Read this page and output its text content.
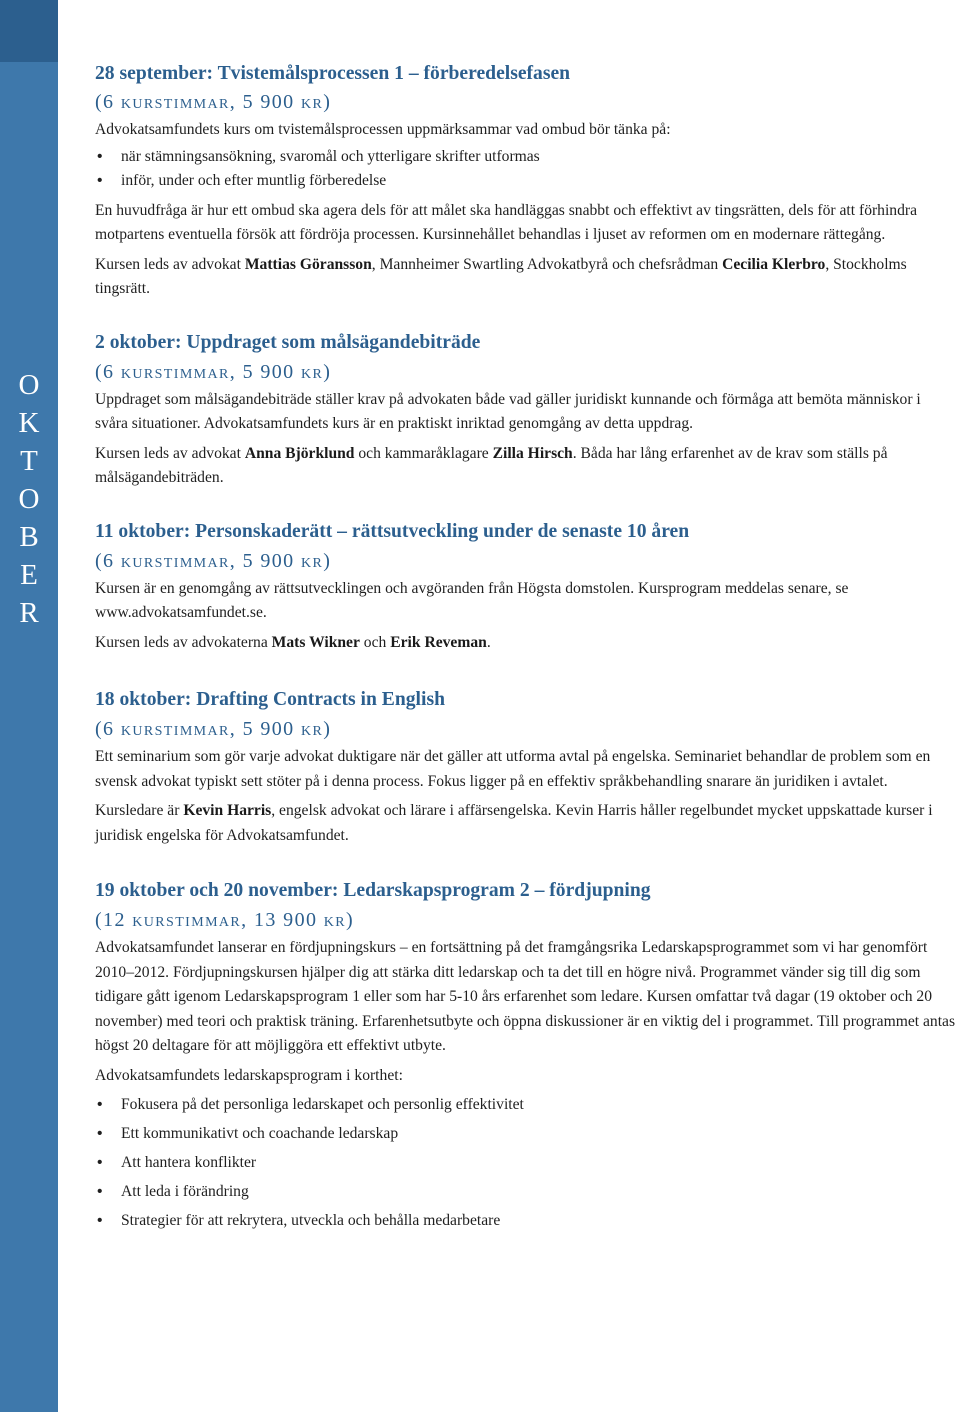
O
K
T
O
B
E
R
28 september: Tvistemålsprocessen 1 – förberedelsefasen
(6 kurstimmar, 5 900 kr)

Advokatsamfundets kurs om tvistemålsprocessen uppmärksammar vad ombud bör tänka på:

• när stämningsansökning, svaromål och ytterligare skrifter utformas
• inför, under och efter muntlig förberedelse

En huvudfråga är hur ett ombud ska agera dels för att målet ska handläggas snabbt och effektivt av tingsrätten, dels för att förhindra motpartens eventuella försök att fördröja processen. Kursinnehållet behandlas i ljuset av reformen om en modernare rättegång.

Kursen leds av advokat Mattias Göransson, Mannheimer Swartling Advokatbyrå och chefsrådman Cecilia Klerbro, Stockholms tingsrätt.

2 oktober: Uppdraget som målsägandebiträde
(6 kurstimmar, 5 900 kr)

Uppdraget som målsägandebiträde ställer krav på advokaten både vad gäller juridiskt kunnande och förmåga att bemöta människor i svåra situationer. Advokatsamfundets kurs är en praktiskt inriktad genomgång av detta uppdrag.

Kursen leds av advokat Anna Björklund och kammaråklagare Zilla Hirsch. Båda har lång erfarenhet av de krav som ställs på målsägandebiträden.

11 oktober: Personskaderätt – rättsutveckling under de senaste 10 åren
(6 kurstimmar, 5 900 kr)

Kursen är en genomgång av rättsutvecklingen och avgöranden från Högsta domstolen. Kursprogram meddelas senare, se www.advokatsamfundet.se.

Kursen leds av advokaterna Mats Wikner och Erik Reveman.

18 oktober: Drafting Contracts in English
(6 kurstimmar, 5 900 kr)

Ett seminarium som gör varje advokat duktigare när det gäller att utforma avtal på engelska. Seminariet behandlar de problem som en svensk advokat typiskt sett stöter på i denna process. Fokus ligger på en effektiv språkbehandling snarare än juridiken i avtalet.

Kursledare är Kevin Harris, engelsk advokat och lärare i affärsengelska. Kevin Harris håller regelbundet mycket uppskattade kurser i juridisk engelska för Advokatsamfundet.

19 oktober och 20 november: Ledarskapsprogram 2 – fördjupning
(12 kurstimmar, 13 900 kr)

Advokatsamfundet lanserar en fördjupningskurs – en fortsättning på det framgångsrika Ledarskapsprogrammet som vi har genomfört 2010–2012. Fördjupningskursen hjälper dig att stärka ditt ledarskap och ta det till en högre nivå. Programmet vänder sig till dig som tidigare gått igenom Ledarskapsprogram 1 eller som har 5-10 års erfarenhet som ledare. Kursen omfattar två dagar (19 oktober och 20 november) med teori och praktisk träning. Erfarenhetsutbyte och öppna diskussioner är en viktig del i programmet. Till programmet antas högst 20 deltagare för att möjliggöra ett effektivt utbyte.

Advokatsamfundets ledarskapsprogram i korthet:

• Fokusera på det personliga ledarskapet och personlig effektivitet
• Ett kommunikativt och coachande ledarskap
• Att hantera konflikter
• Att leda i förändring
• Strategier för att rekrytera, utveckla och behålla medarbetare
